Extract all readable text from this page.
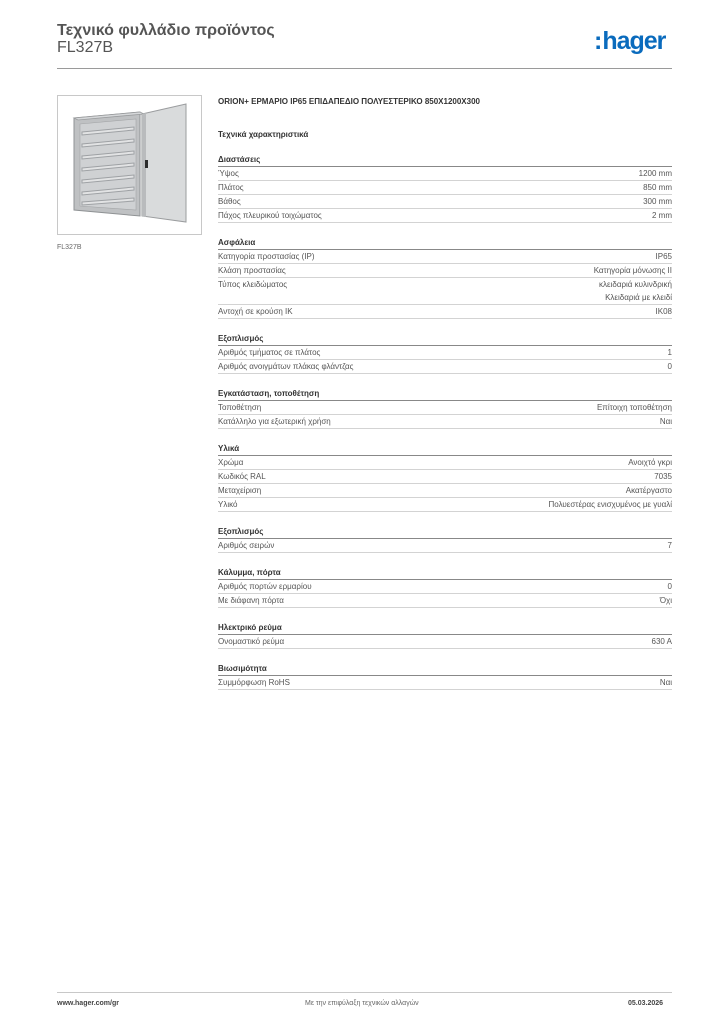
Τεχνικό φυλλάδιο προϊόντος
FL327B	:hager
FL327B
ORION+ ΕΡΜΑΡΙΟ IP65 ΕΠΙΔΑΠΕΔΙΟ ΠΟΛΥΕΣΤΕΡΙΚΟ 850X1200X300
Τεχνικά χαρακτηριστικά
Διαστάσεις
Ύψος	1200 mm
Πλάτος	850 mm
Βάθος	300 mm
Πάχος πλευρικού τοιχώματος	2 mm
Ασφάλεια
Κατηγορία προστασίας (IP)	IP65
Κλάση προστασίας	Κατηγορία μόνωσης II
Τύπος κλειδώματος	κλειδαριά κυλινδρική
Κλειδαριά με κλειδί
Αντοχή σε κρούση IK	IK08
Εξοπλισμός
Αριθμός τμήματος σε πλάτος	1
Αριθμός ανοιγμάτων πλάκας φλάντζας	0
Εγκατάσταση, τοποθέτηση
Τοποθέτηση	Επίτοιχη τοποθέτηση
Κατάλληλο για εξωτερική χρήση	Ναι
Υλικά
Χρώμα	Ανοιχτό γκρι
Κωδικός RAL	7035
Μεταχείριση	Ακατέργαστο
Υλικό	Πολυεστέρας ενισχυμένος με γυαλί
Εξοπλισμός
Αριθμός σειρών	7
Κάλυμμα, πόρτα
Αριθμός πορτών ερμαρίου	0
Με διάφανη πόρτα	Όχι
Ηλεκτρικό ρεύμα
Ονομαστικό ρεύμα	630 A
Βιωσιμότητα
Συμμόρφωση RoHS	Ναι
www.hager.com/gr	Με την επιφύλαξη τεχνικών αλλαγών	05.03.2026
